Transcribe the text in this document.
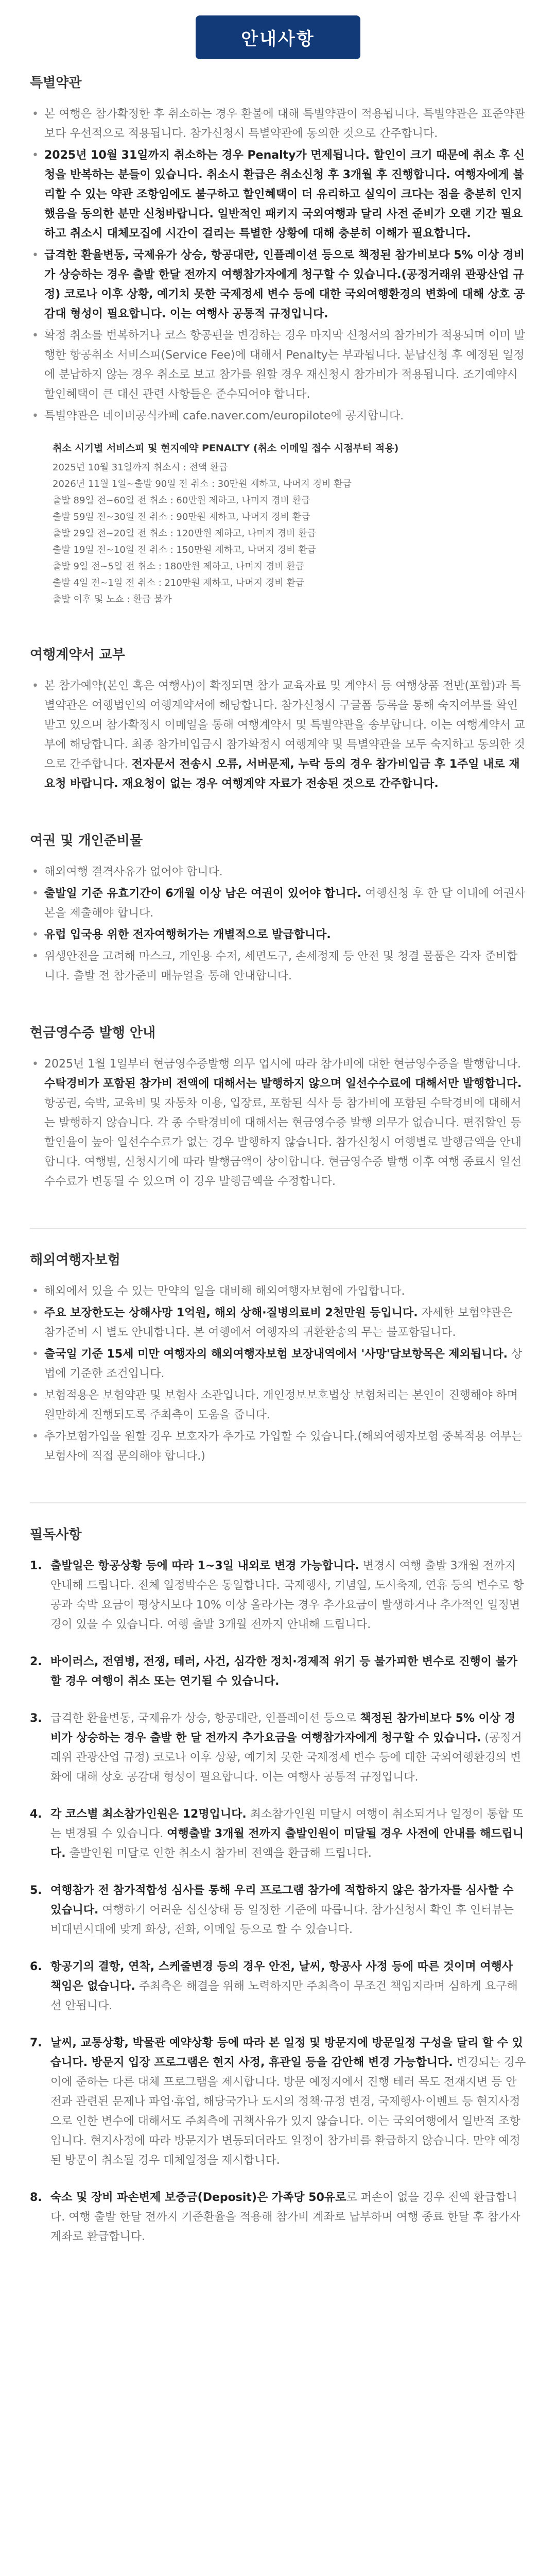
안내사항
특별약관
• 본 여행은 참가확정한 후 취소하는 경우 환불에 대해 특별약관이 적용됩니다. 특별약관은 표준약관보다 우선적으로 적용됩니다. 참가신청시 특별약관에 동의한 것으로 간주합니다.
• 2025년 10월 31일까지 취소하는 경우 Penalty가 면제됩니다. 할인이 크기 때문에 취소 후 신청을 반복하는 분들이 있습니다. 취소시 환급은 취소신청 후 3개월 후 진행합니다. 여행자에게 불리할 수 있는 약관 조항임에도 불구하고 할인혜택이 더 유리하고 실익이 크다는 점을 충분히 인지했음을 동의한 분만 신청바랍니다. 일반적인 패키지 국외여행과 달리 사전 준비가 오랜 기간 필요하고 취소시 대체모집에 시간이 걸리는 특별한 상황에 대해 충분히 이해가 필요합니다.
• 급격한 환율변동, 국제유가 상승, 항공대란, 인플레이션 등으로 책정된 참가비보다 5% 이상 경비가 상승하는 경우 출발 한달 전까지 여행참가자에게 청구할 수 있습니다.(공정거래위 관광산업 규정) 코로나 이후 상황, 예기치 못한 국제정세 변수 등에 대한 국외여행환경의 변화에 대해 상호 공감대 형성이 필요합니다. 이는 여행사 공통적 규정입니다.
• 확정 취소를 번복하거나 코스 항공편을 변경하는 경우 마지막 신청서의 참가비가 적용되며 이미 발행한 항공취소 서비스피(Service Fee)에 대해서 Penalty는 부과됩니다. 분납신청 후 예정된 일정에 분납하지 않는 경우 취소로 보고 참가를 원할 경우 재신청시 참가비가 적용됩니다. 조기예약시 할인혜택이 큰 대신 관련 사항들은 준수되어야 합니다.
• 특별약관은 네이버공식카페 cafe.naver.com/europilote에 공지합니다.
취소 시기별 서비스피 및 현지예약 PENALTY (취소 이메일 접수 시점부터 적용)
2025년 10월 31일까지 취소시 : 전액 환급
2026년 11월 1일~출발 90일 전 취소 : 30만원 제하고, 나머지 경비 환급
출발 89일 전~60일 전 취소 : 60만원 제하고, 나머지 경비 환급
출발 59일 전~30일 전 취소 : 90만원 제하고, 나머지 경비 환급
출발 29일 전~20일 전 취소 : 120만원 제하고, 나머지 경비 환급
출발 19일 전~10일 전 취소 : 150만원 제하고, 나머지 경비 환급
출발 9일 전~5일 전 취소 : 180만원 제하고, 나머지 경비 환급
출발 4일 전~1일 전 취소 : 210만원 제하고, 나머지 경비 환급
출발 이후 및 노쇼 : 환급 불가
여행계약서 교부
• 본 참가예약(본인 혹은 여행사)이 확정되면 참가 교육자료 및 계약서 등 여행상품 전반(포함)과 특별약관은 여행법인의 여행계약서에 해당합니다. 참가신청시 구글폼 등록을 통해 숙지여부를 확인받고 있으며 참가확정시 이메일을 통해 여행계약서 및 특별약관을 송부합니다. 이는 여행계약서 교부에 해당합니다. 최종 참가비입금시 참가확정시 여행계약 및 특별약관을 모두 숙지하고 동의한 것으로 간주합니다. 전자문서 전송시 오류, 서버문제, 누락 등의 경우 참가비입금 후 1주일 내로 재요청 바랍니다. 재요청이 없는 경우 여행계약 자료가 전송된 것으로 간주합니다.
여권 및 개인준비물
• 해외여행 결격사유가 없어야 합니다.
• 출발일 기준 유효기간이 6개월 이상 남은 여권이 있어야 합니다. 여행신청 후 한 달 이내에 여권사본을 제출해야 합니다.
• 유럽 입국용 위한 전자여행허가는 개별적으로 발급합니다.
• 위생안전을 고려해 마스크, 개인용 수저, 세면도구, 손세정제 등 안전 및 청결 물품은 각자 준비합니다. 출발 전 참가준비 매뉴얼을 통해 안내합니다.
현금영수증 발행 안내
• 2025년 1월 1일부터 현금영수증발행 의무 업시에 따라 참가비에 대한 현금영수증을 발행합니다. 수탁경비가 포함된 참가비 전액에 대해서는 발행하지 않으며 일선수수료에 대해서만 발행합니다. 항공권, 숙박, 교육비 및 자동차 이용, 입장료, 포함된 식사 등 참가비에 포함된 수탁경비에 대해서는 발행하지 않습니다. 각 종 수탁경비에 대해서는 현금영수증 발행 의무가 없습니다. 편집할인 등 할인율이 높아 일선수수료가 없는 경우 발행하지 않습니다. 참가신청시 여행별로 발행금액을 안내합니다. 여행별, 신청시기에 따라 발행금액이 상이합니다. 현금영수증 발행 이후 여행 종료시 일선수수료가 변동될 수 있으며 이 경우 발행금액을 수정합니다.
해외여행자보험
• 해외에서 있을 수 있는 만약의 일을 대비해 해외여행자보험에 가입합니다.
• 주요 보장한도는 상해사망 1억원, 해외 상해·질병의료비 2천만원 등입니다. 자세한 보험약관은 참가준비 시 별도 안내합니다. 본 여행에서 여행자의 귀환환송의 무는 불포함됩니다.
• 출국일 기준 15세 미만 여행자의 해외여행자보험 보장내역에서 '사망'담보항목은 제외됩니다. 상법에 기준한 조건입니다.
• 보험적용은 보험약관 및 보험사 소관입니다. 개인정보보호법상 보험처리는 본인이 진행해야 하며 원만하게 진행되도록 주최측이 도움을 줍니다.
• 추가보험가입을 원할 경우 보호자가 추가로 가입할 수 있습니다.(해외여행자보험 중복적용 여부는 보험사에 직접 문의해야 합니다.)
필독사항
1. 출발일은 항공상황 등에 따라 1~3일 내외로 변경 가능합니다. 변경시 여행 출발 3개월 전까지 안내해 드립니다. 전체 일정박수은 동일합니다. 국제행사, 기념일, 도시축제, 연휴 등의 변수로 항공과 숙박 요금이 평상시보다 10% 이상 올라가는 경우 추가요금이 발생하거나 추가적인 일정변경이 있을 수 있습니다. 여행 출발 3개월 전까지 안내해 드립니다.
2. 바이러스, 전염병, 전쟁, 테러, 사건, 심각한 정치·경제적 위기 등 불가피한 변수로 진행이 불가할 경우 여행이 취소 또는 연기될 수 있습니다.
3. 급격한 환율변동, 국제유가 상승, 항공대란, 인플레이션 등으로 책정된 참가비보다 5% 이상 경비가 상승하는 경우 출발 한 달 전까지 추가요금을 여행참가자에게 청구할 수 있습니다. (공정거래위 관광산업 규정) 코로나 이후 상황, 예기치 못한 국제정세 변수 등에 대한 국외여행환경의 변화에 대해 상호 공감대 형성이 필요합니다. 이는 여행사 공통적 규정입니다.
4. 각 코스별 최소참가인원은 12명입니다. 최소참가인원 미달시 여행이 취소되거나 일정이 통합 또는 변경될 수 있습니다. 여행출발 3개월 전까지 출발인원이 미달될 경우 사전에 안내를 해드립니다. 출발인원 미달로 인한 취소시 참가비 전액을 환급해 드립니다.
5. 여행참가 전 참가적합성 심사를 통해 우리 프로그램 참가에 적합하지 않은 참가자를 심사할 수 있습니다. 여행하기 어려운 심신상태 등 일정한 기준에 따릅니다. 참가신청서 확인 후 인터뷰는 비대면시대에 맞게 화상, 전화, 이메일 등으로 할 수 있습니다.
6. 항공기의 결항, 연착, 스케줄변경 등의 경우 안전, 날씨, 항공사 사정 등에 따른 것이며 여행사 책임은 없습니다. 주최측은 해결을 위해 노력하지만 주최측이 무조건 책임지라며 심하게 요구해선 안됩니다.
7. 날씨, 교통상황, 박물관 예약상황 등에 따라 본 일정 및 방문지에 방문일정 구성을 달리 할 수 있습니다. 방문지 입장 프로그램은 현지 사정, 휴관일 등을 감안해 변경 가능합니다. 변경되는 경우 이에 준하는 다른 대체 프로그램을 제시합니다. 방문 예정지에서 진행 테러 목도 전재지변 등 안전과 관련된 문제나 파업·휴업, 해당국가나 도시의 정책·규정 변경, 국제행사·이벤트 등 현지사정으로 인한 변수에 대해서도 주최측에 귀책사유가 있지 않습니다. 이는 국외여행에서 일반적 조항입니다. 현지사정에 따라 방문지가 변동되더라도 일정이 참가비를 환급하지 않습니다. 만약 예정된 방문이 취소될 경우 대체일정을 제시합니다.
8. 숙소 및 장비 파손변제 보증금(Deposit)은 가족당 50유로로 퍼손이 없을 경우 전액 환급합니다. 여행 출발 한달 전까지 기준환율을 적용해 참가비 계좌로 납부하며 여행 종료 한달 후 참가자 계좌로 환급합니다.
